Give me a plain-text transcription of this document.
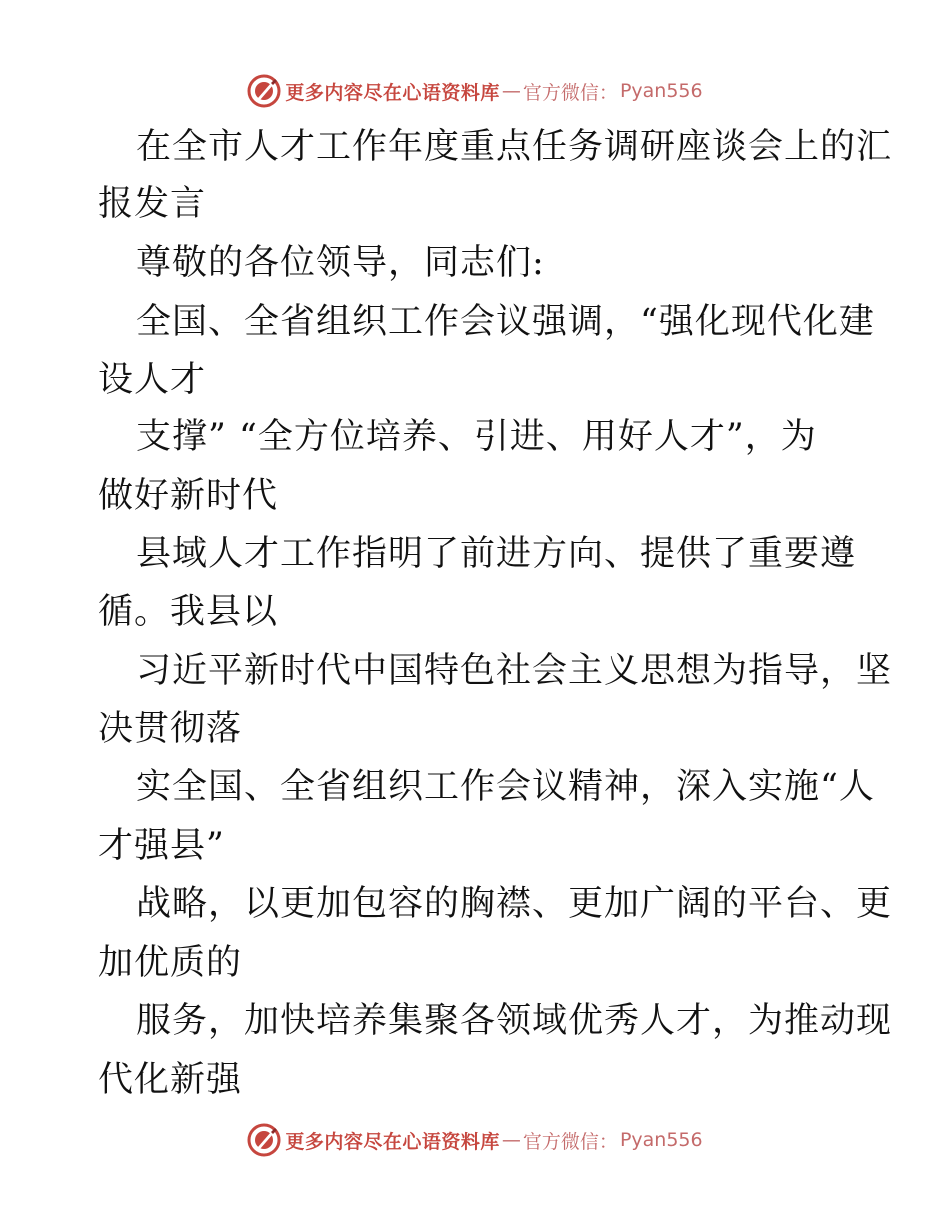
更多内容尽在心语资料库 — 官方微信： Pyan556
在全市人才工作年度重点任务调研座谈会上的汇
报发言
尊敬的各位领导，同志们:
全国、全省组织工作会议强调，“强化现代化建
设人才
支撑” “全方位培养、引进、用好人才”，为
做好新时代
县域人才工作指明了前进方向、提供了重要遵
循。我县以
习近平新时代中国特色社会主义思想为指导，坚
决贯彻落
实全国、全省组织工作会议精神，深入实施“人
才强县”
战略，以更加包容的胸襟、更加广阔的平台、更
加优质的
服务，加快培养集聚各领域优秀人才，为推动现
代化新强
更多内容尽在心语资料库 — 官方微信： Pyan556
